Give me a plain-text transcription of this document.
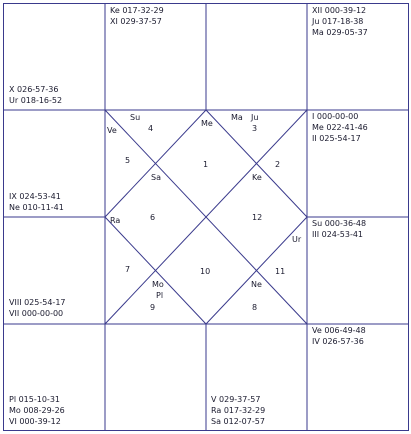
X 026-57-36
Ur 018-16-52
Ke 017-32-29
XI 029-37-57
XII 000-39-12
Ju 017-18-38
Ma 029-05-37
IX 024-53-41
Ne 010-11-41
VIII 025-54-17
VII 000-00-00
I 000-00-00
Me 022-41-46
II 025-54-17
Su 000-36-48
III 024-53-41
Pl 015-10-31
Mo 008-29-26
VI 000-39-12
V 029-37-57
Ra 017-32-29
Sa 012-07-57
Ve 006-49-48
IV 026-57-36
4
Su
Me
3
Ma Ju
5
Ve
1
Ke
2
6
Sa
12
Ur
7
Ra
10	11
Ne
9
Mo
Pl
8
